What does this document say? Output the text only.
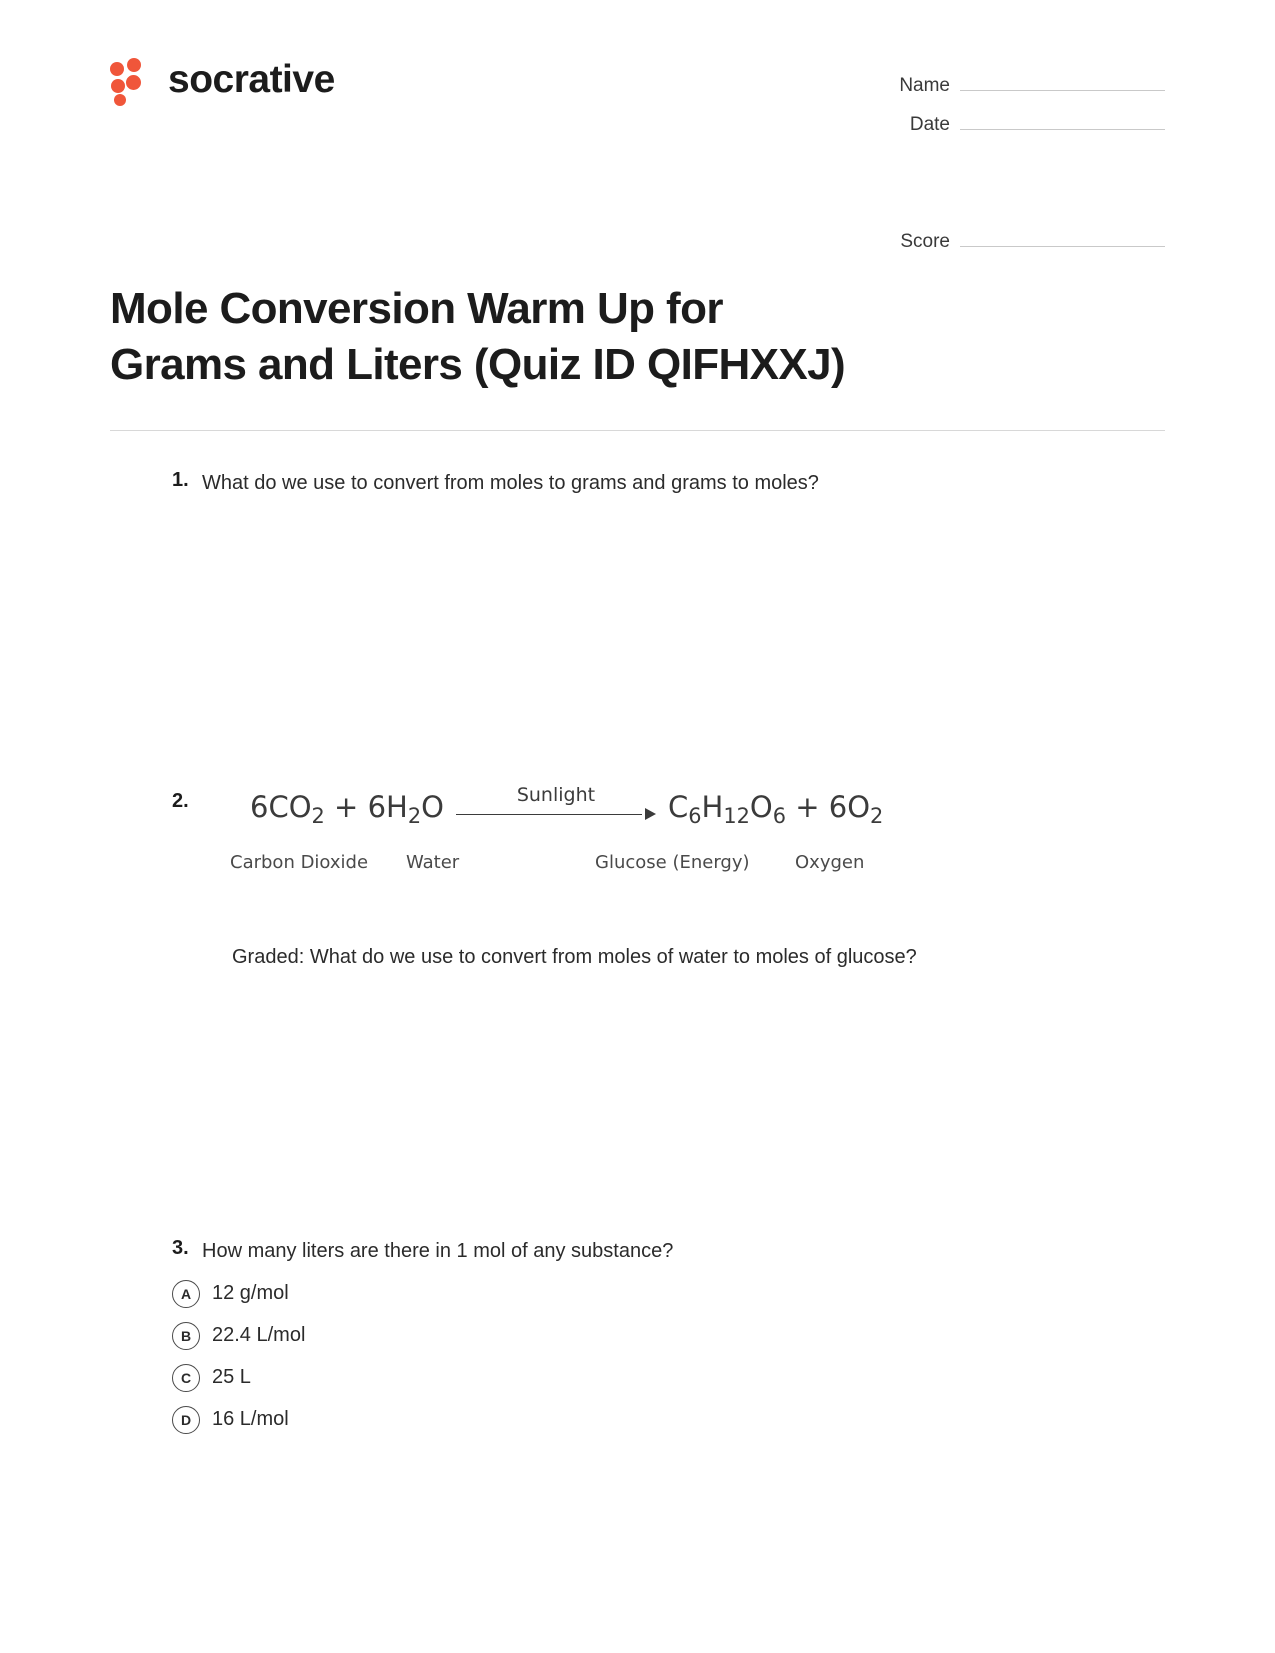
socrative	Name
Date
Score
Mole Conversion Warm Up for Grams and Liters (Quiz ID QIFHXXJ)
1. What do we use to convert from moles to grams and grams to moles?
2. $6CO_2 + 6H_2O$	Sunlight	$C_6H_{12}O_6 + 6O_2$
Carbon Dioxide Water	Glucose (Energy)	Oxygen
Graded: What do we use to convert from moles of water to moles of glucose?
3. How many liters are there in 1 mol of any substance?
A	12 g/mol
B	22.4 L/mol
C	25 L
D	16 L/mol
